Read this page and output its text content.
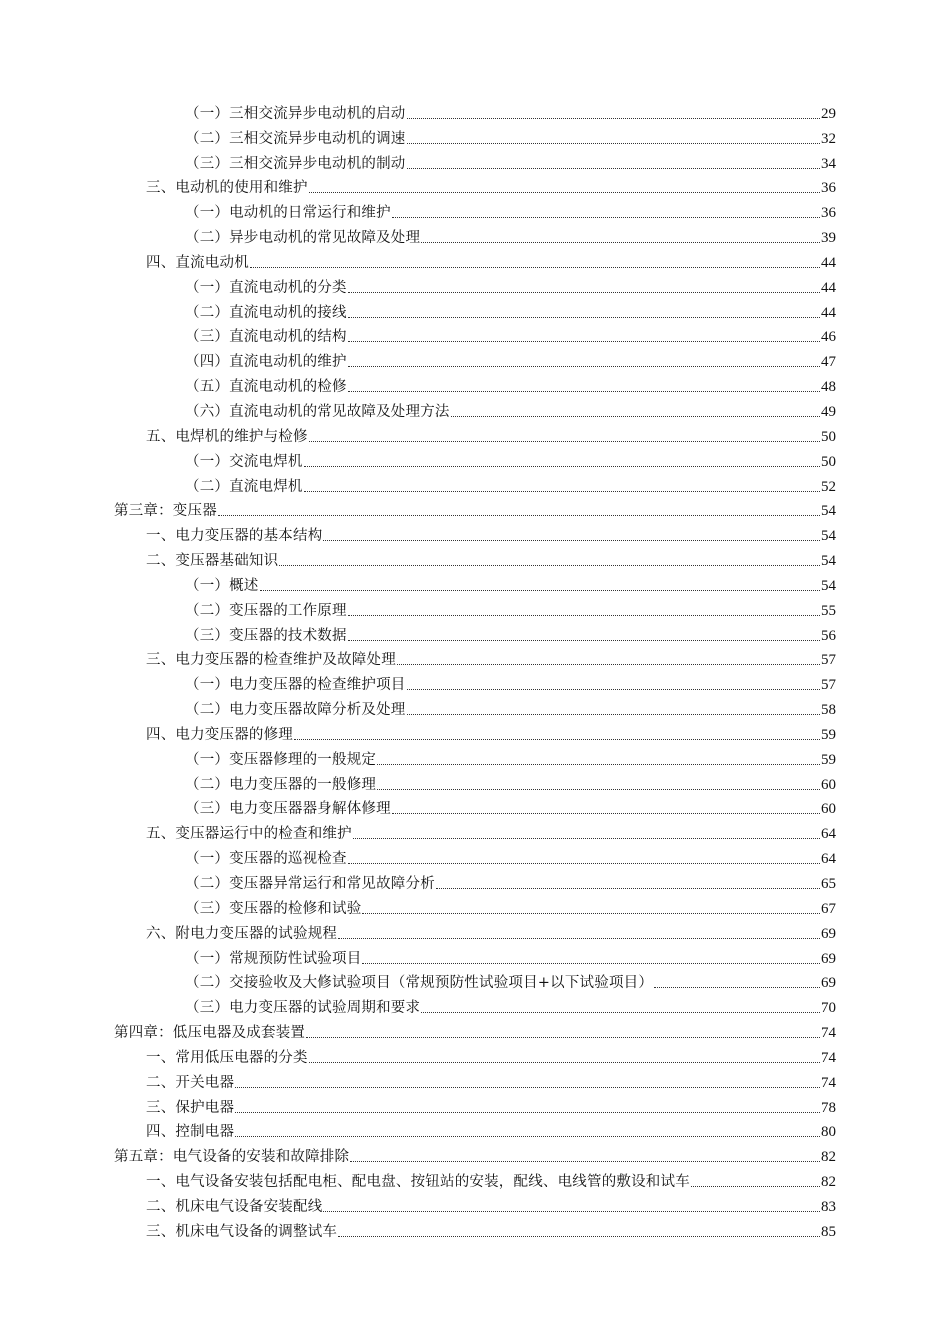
（一）三相交流异步电动机的启动	29
（二）三相交流异步电动机的调速	32
（三）三相交流异步电动机的制动	34
三、电动机的使用和维护	36
（一）电动机的日常运行和维护	36
（二）异步电动机的常见故障及处理	39
四、直流电动机	44
（一）直流电动机的分类	44
（二）直流电动机的接线	44
（三）直流电动机的结构	46
（四）直流电动机的维护	47
（五）直流电动机的检修	48
（六）直流电动机的常见故障及处理方法	49
五、电焊机的维护与检修	50
（一）交流电焊机	50
（二）直流电焊机	52
第三章：变压器	54
一、电力变压器的基本结构	54
二、变压器基础知识	54
（一）概述	54
（二）变压器的工作原理	55
（三）变压器的技术数据	56
三、电力变压器的检查维护及故障处理	57
（一）电力变压器的检查维护项目	57
（二）电力变压器故障分析及处理	58
四、电力变压器的修理	59
（一）变压器修理的一般规定	59
（二）电力变压器的一般修理	60
（三）电力变压器器身解体修理	60
五、变压器运行中的检查和维护	64
（一）变压器的巡视检查	64
（二）变压器异常运行和常见故障分析	65
（三）变压器的检修和试验	67
六、附电力变压器的试验规程	69
（一）常规预防性试验项目	69
（二）交接验收及大修试验项目（常规预防性试验项目+以下试验项目）	69
（三）电力变压器的试验周期和要求	70
第四章：低压电器及成套装置	74
一、常用低压电器的分类	74
二、开关电器	74
三、保护电器	78
四、控制电器	80
第五章：电气设备的安装和故障排除	82
一、电气设备安装包括配电柜、配电盘、按钮站的安装，配线、电线管的敷设和试车	82
二、机床电气设备安装配线	83
三、机床电气设备的调整试车	85
